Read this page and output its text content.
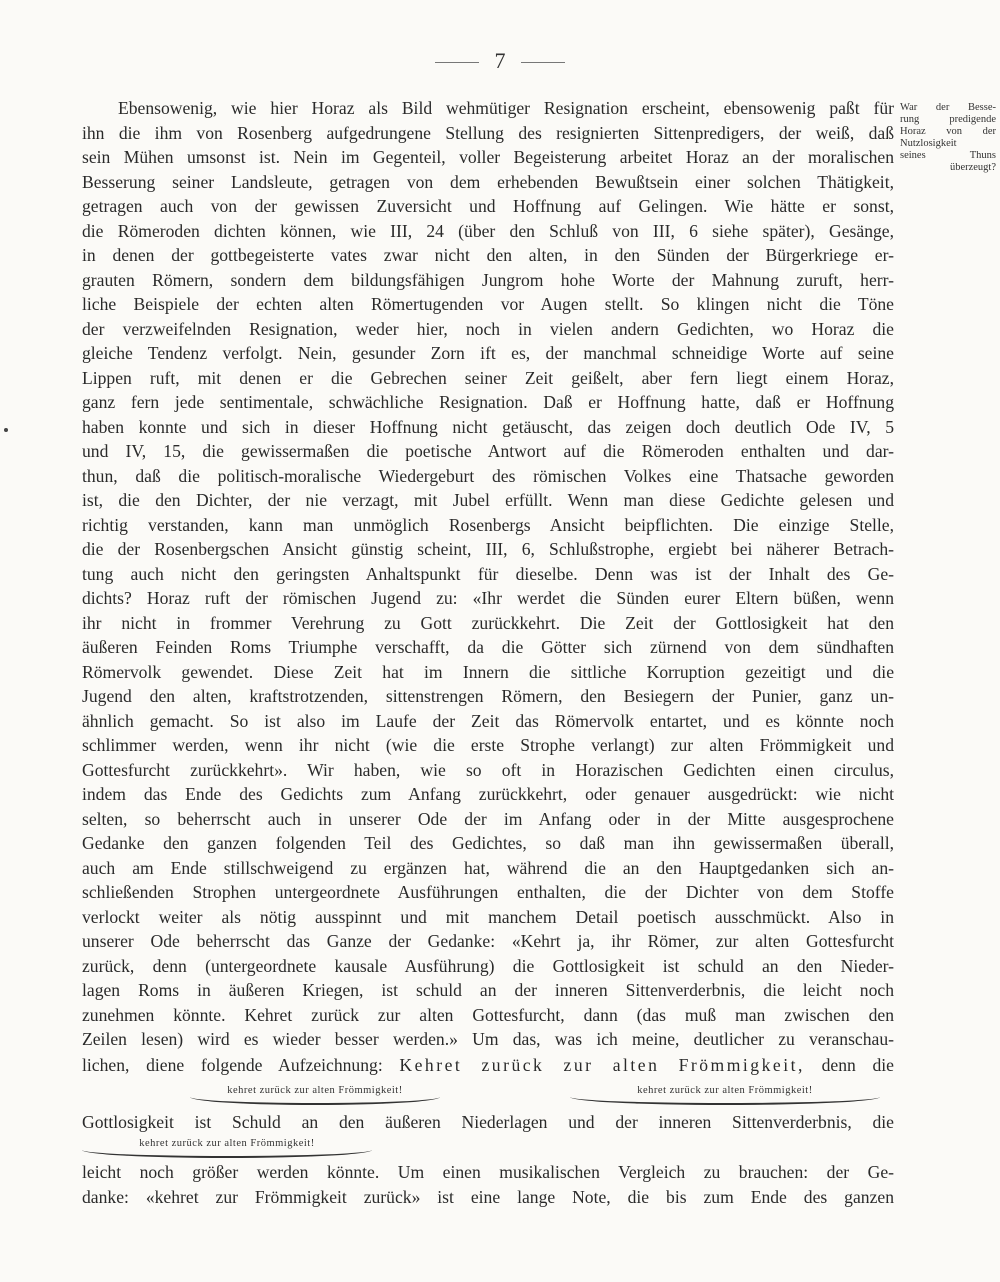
7
War der Besse-
rung predigende
Horaz von der
Nutzlosigkeit
seines Thuns
überzeugt?
Ebensowenig, wie hier Horaz als Bild wehmütiger Resignation erscheint, ebensowenig paßt für
ihn die ihm von Rosenberg aufgedrungene Stellung des resignierten Sittenpredigers, der weiß, daß
sein Mühen umsonst ist. Nein im Gegenteil, voller Begeisterung arbeitet Horaz an der moralischen
Besserung seiner Landsleute, getragen von dem erhebenden Bewußtsein einer solchen Thätigkeit,
getragen auch von der gewissen Zuversicht und Hoffnung auf Gelingen. Wie hätte er sonst,
die Römeroden dichten können, wie III, 24 (über den Schluß von III, 6 siehe später), Gesänge,
in denen der gottbegeisterte vates zwar nicht den alten, in den Sünden der Bürgerkriege er-
grauten Römern, sondern dem bildungsfähigen Jungrom hohe Worte der Mahnung zuruft, herr-
liche Beispiele der echten alten Römertugenden vor Augen stellt. So klingen nicht die Töne
der verzweifelnden Resignation, weder hier, noch in vielen andern Gedichten, wo Horaz die
gleiche Tendenz verfolgt. Nein, gesunder Zorn ift es, der manchmal schneidige Worte auf seine
Lippen ruft, mit denen er die Gebrechen seiner Zeit geißelt, aber fern liegt einem Horaz,
ganz fern jede sentimentale, schwächliche Resignation. Daß er Hoffnung hatte, daß er Hoffnung
haben konnte und sich in dieser Hoffnung nicht getäuscht, das zeigen doch deutlich Ode IV, 5
und IV, 15, die gewissermaßen die poetische Antwort auf die Römeroden enthalten und dar-
thun, daß die politisch-moralische Wiedergeburt des römischen Volkes eine Thatsache geworden
ist, die den Dichter, der nie verzagt, mit Jubel erfüllt. Wenn man diese Gedichte gelesen und
richtig verstanden, kann man unmöglich Rosenbergs Ansicht beipflichten. Die einzige Stelle,
die der Rosenbergschen Ansicht günstig scheint, III, 6, Schlußstrophe, ergiebt bei näherer Betrach-
tung auch nicht den geringsten Anhaltspunkt für dieselbe. Denn was ist der Inhalt des Ge-
dichts? Horaz ruft der römischen Jugend zu: «Ihr werdet die Sünden eurer Eltern büßen, wenn
ihr nicht in frommer Verehrung zu Gott zurückkehrt. Die Zeit der Gottlosigkeit hat den
äußeren Feinden Roms Triumphe verschafft, da die Götter sich zürnend von dem sündhaften
Römervolk gewendet. Diese Zeit hat im Innern die sittliche Korruption gezeitigt und die
Jugend den alten, kraftstrotzenden, sittenstrengen Römern, den Besiegern der Punier, ganz un-
ähnlich gemacht. So ist also im Laufe der Zeit das Römervolk entartet, und es könnte noch
schlimmer werden, wenn ihr nicht (wie die erste Strophe verlangt) zur alten Frömmigkeit und
Gottesfurcht zurückkehrt». Wir haben, wie so oft in Horazischen Gedichten einen circulus,
indem das Ende des Gedichts zum Anfang zurückkehrt, oder genauer ausgedrückt: wie nicht
selten, so beherrscht auch in unserer Ode der im Anfang oder in der Mitte ausgesprochene
Gedanke den ganzen folgenden Teil des Gedichtes, so daß man ihn gewissermaßen überall,
auch am Ende stillschweigend zu ergänzen hat, während die an den Hauptgedanken sich an-
schließenden Strophen untergeordnete Ausführungen enthalten, die der Dichter von dem Stoffe
verlockt weiter als nötig ausspinnt und mit manchem Detail poetisch ausschmückt. Also in
unserer Ode beherrscht das Ganze der Gedanke: «Kehrt ja, ihr Römer, zur alten Gottesfurcht
zurück, denn (untergeordnete kausale Ausführung) die Gottlosigkeit ist schuld an den Nieder-
lagen Roms in äußeren Kriegen, ist schuld an der inneren Sittenverderbnis, die leicht noch
zunehmen könnte. Kehret zurück zur alten Gottesfurcht, dann (das muß man zwischen den
Zeilen lesen) wird es wieder besser werden.» Um das, was ich meine, deutlicher zu veranschau-
lichen, diene folgende Aufzeichnung: Kehret zurück zur alten Frömmigkeit, denn die
kehret zurück zur alten Frömmigkeit!	kehret zurück zur alten Frömmigkeit!
Gottlosigkeit ist Schuld an den äußeren Niederlagen und der inneren Sittenverderbnis, die
kehret zurück zur alten Frömmigkeit!
leicht noch größer werden könnte. Um einen musikalischen Vergleich zu brauchen: der Ge-
danke: «kehret zur Frömmigkeit zurück» ist eine lange Note, die bis zum Ende des ganzen
